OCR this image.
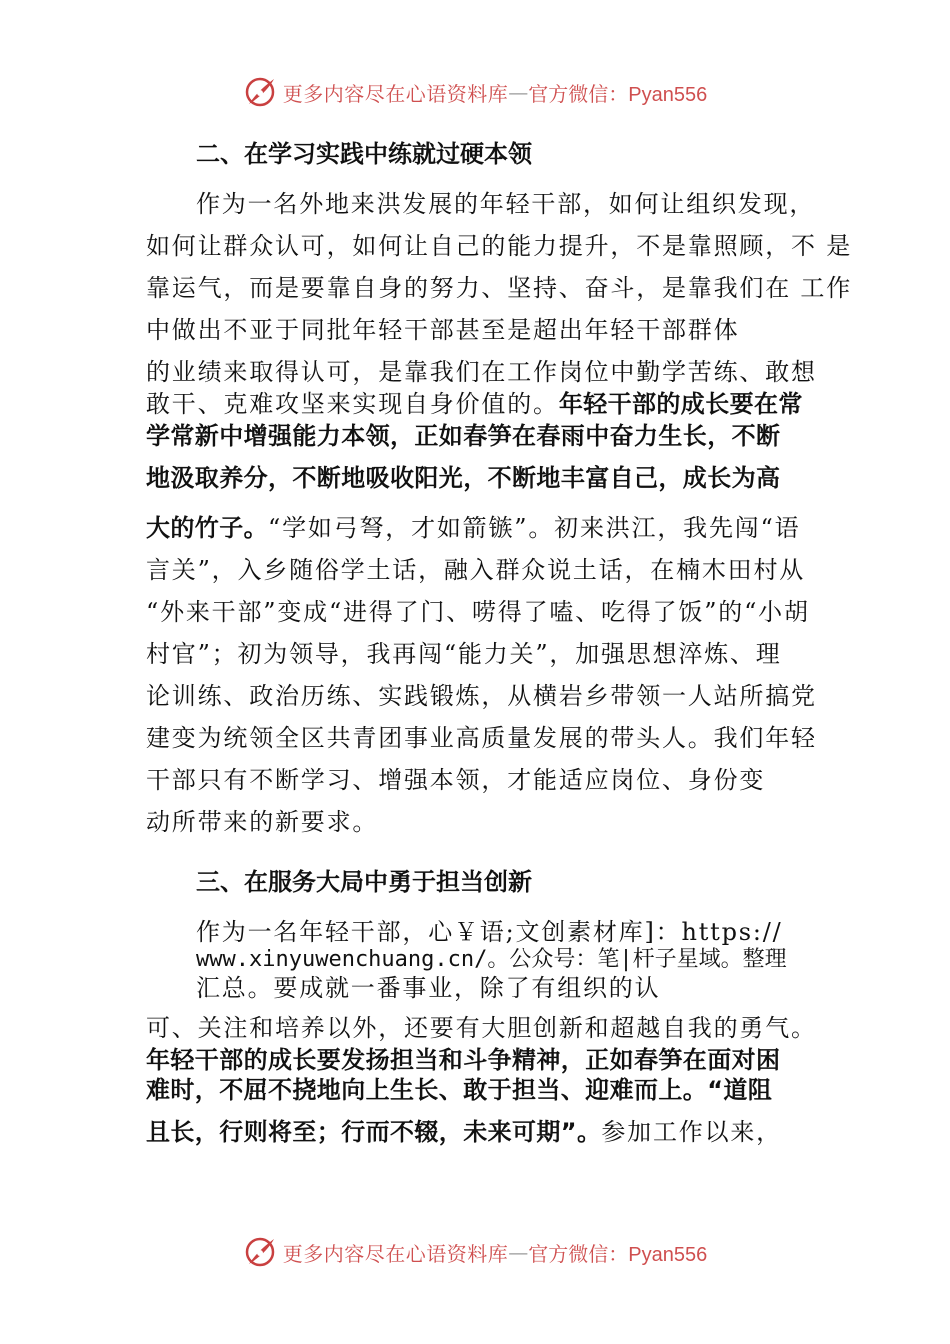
更多内容尽在心语资料库 — 官方微信：Pyan556
二、在学习实践中练就过硬本领

作为一名外地来洪发展的年轻干部，如何让组织发现，

如何让群众认可，如何让自己的能力提升，不是靠照顾，不 是

靠运气，而是要靠自身的努力、坚持、奋斗，是靠我们在 工作

中做出不亚于同批年轻干部甚至是超出年轻干部群体

的业绩来取得认可，是靠我们在工作岗位中勤学苦练、敢想

敢干、克难攻坚来实现自身价值的。年轻干部的成长要在常

学常新中增强能力本领，正如春笋在春雨中奋力生长，不断

地汲取养分，不断地吸收阳光，不断地丰富自己，成长为高

大的竹子。“学如弓弩，才如箭镞”。初来洪江，我先闯“语

言关”，入乡随俗学土话，融入群众说土话，在楠木田村从

“外来干部”变成“进得了门、唠得了嗑、吃得了饭”的“小胡

村官”；初为领导，我再闯“能力关”，加强思想淬炼、理

论训练、政治历练、实践锻炼，从横岩乡带领一人站所搞党

建变为统领全区共青团事业高质量发展的带头人。我们年轻

干部只有不断学习、增强本领，才能适应岗位、身份变

动所带来的新要求。

三、在服务大局中勇于担当创新

作为一名年轻干部，心￥语;文创素材库]：https://

www.xinyuwenchuang.cn/。公众号：笔|杆子星域。整理

汇总。要成就一番事业，除了有组织的认

可、关注和培养以外，还要有大胆创新和超越自我的勇气。

年轻干部的成长要发扬担当和斗争精神，正如春笋在面对困

难时，不屈不挠地向上生长、敢于担当、迎难而上。“道阻

且长，行则将至；行而不辍，未来可期”。参加工作以来，

更多内容尽在心语资料库 — 官方微信：Pyan556
